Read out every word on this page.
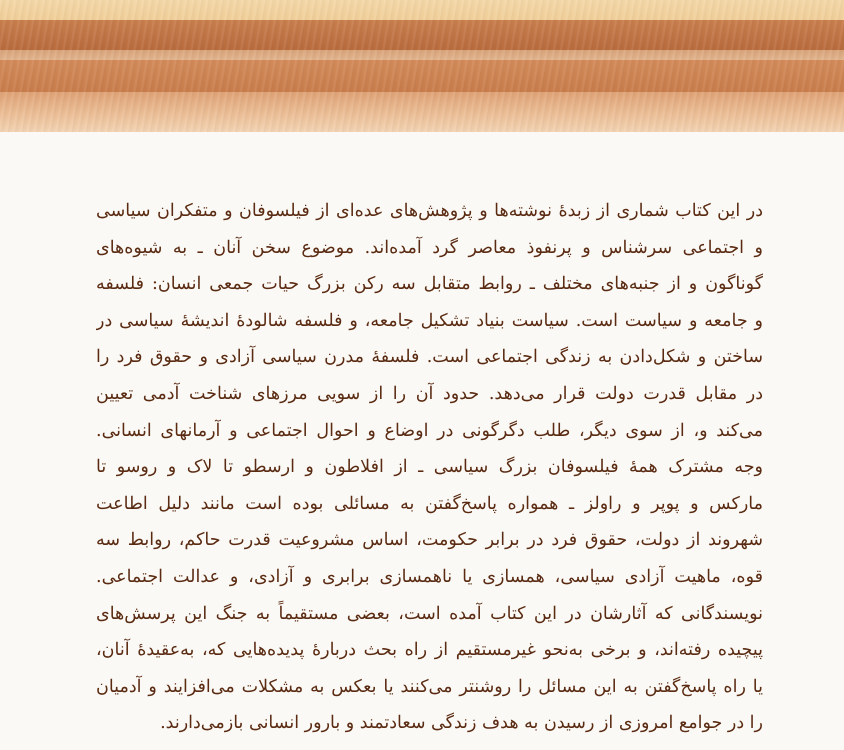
در این کتاب شماری از زبدۀ نوشته‌ها و پژوهش‌های عده‌ای از فیلسوفان و متفکران سیاسی
و اجتماعی سرشناس و پرنفوذ معاصر گرد آمده‌اند. موضوع سخن آنان ـ به شیوه‌های
گوناگون و از جنبه‌های مختلف ـ روابط متقابل سه رکن بزرگ حیات جمعی انسان: فلسفه
و جامعه و سیاست است. سیاست بنیاد تشکیل جامعه، و فلسفه شالودۀ اندیشۀ سیاسی در
ساختن و شکل‌دادن به زندگی اجتماعی است. فلسفۀ مدرن سیاسی آزادی و حقوق فرد را
در مقابل قدرت دولت قرار می‌دهد. حدود آن را از سویی مرزهای شناخت آدمی تعیین
می‌کند و، از سوی دیگر، طلب دگرگونی در اوضاع و احوال اجتماعی و آرمانهای انسانی.
وجه مشترک همۀ فیلسوفان بزرگ سیاسی ـ از افلاطون و ارسطو تا لاک و روسو تا
مارکس و پوپر و راولز ـ همواره پاسخ‌گفتن به مسائلی بوده است مانند دلیل اطاعت
شهروند از دولت، حقوق فرد در برابر حکومت، اساس مشروعیت قدرت حاکم، روابط سه
قوه، ماهیت آزادی سیاسی، همسازی یا ناهمسازی برابری و آزادی، و عدالت اجتماعی.
نویسندگانی که آثارشان در این کتاب آمده است، بعضی مستقیماً به جنگ این پرسش‌های
پیچیده رفته‌اند، و برخی به‌نحو غیرمستقیم از راه بحث دربارۀ پدیده‌هایی که، به‌عقیدۀ آنان،
یا راه پاسخ‌گفتن به این مسائل را روشنتر می‌کنند یا بعکس به مشکلات می‌افزایند و آدمیان
را در جوامع امروزی از رسیدن به هدف زندگی سعادتمند و بارور انسانی بازمی‌دارند.
